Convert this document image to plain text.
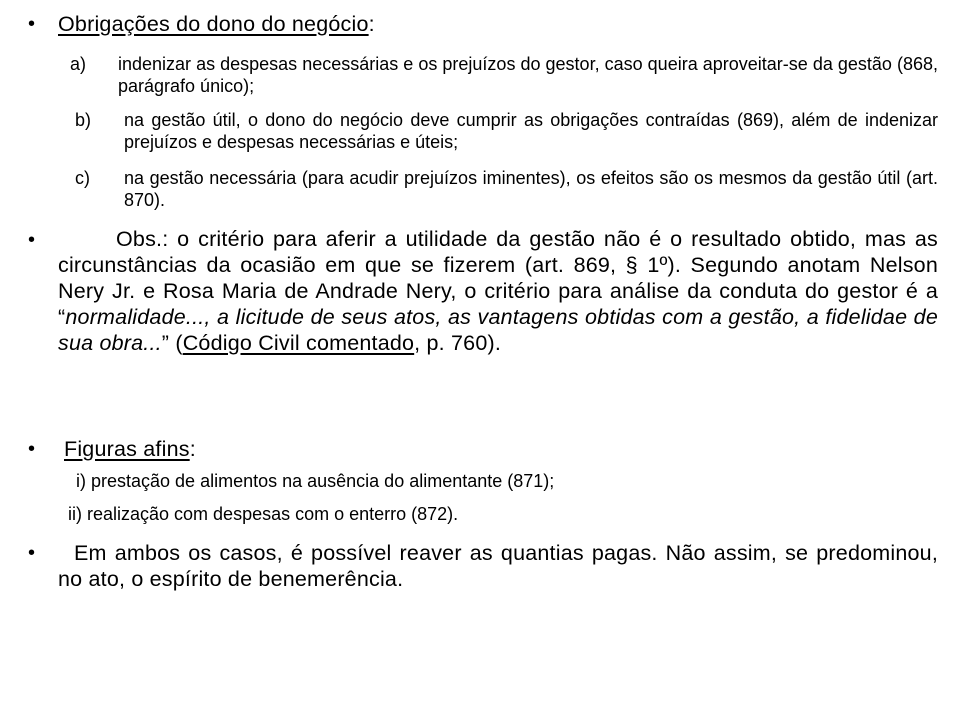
• Obrigações do dono do negócio:
a) indenizar as despesas necessárias e os prejuízos do gestor, caso queira aproveitar-se da gestão (868, parágrafo único);
b) na gestão útil, o dono do negócio deve cumprir as obrigações contraídas (869), além de indenizar prejuízos e despesas necessárias e úteis;
c) na gestão necessária (para acudir prejuízos iminentes), os efeitos são os mesmos da gestão útil (art. 870).
•	Obs.: o critério para aferir a utilidade da gestão não é o resultado obtido, mas as circunstâncias da ocasião em que se fizerem (art. 869, § 1º). Segundo anotam Nelson Nery Jr. e Rosa Maria de Andrade Nery, o critério para análise da conduta do gestor é a “normalidade..., a licitude de seus atos, as vantagens obtidas com a gestão, a fidelidae de sua obra...” (Código Civil comentado, p. 760).
• Figuras afins:
i) prestação de alimentos na ausência do alimentante (871);
ii) realização com despesas com o enterro (872).
•	Em ambos os casos, é possível reaver as quantias pagas. Não assim, se predominou, no ato, o espírito de benemerência.
